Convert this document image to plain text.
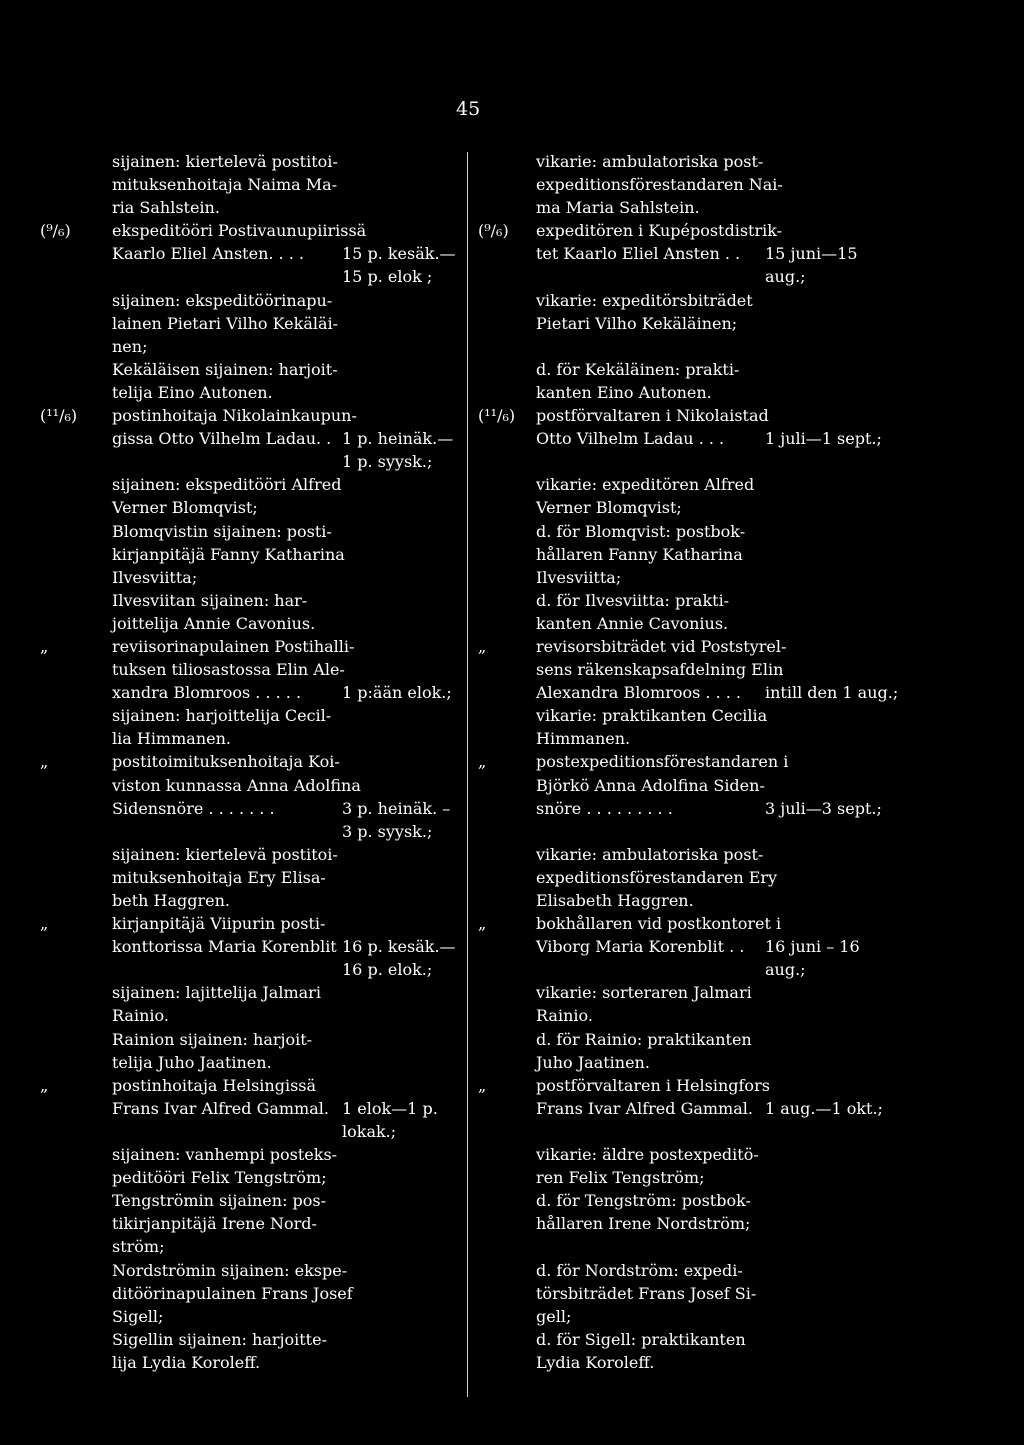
45
sijainen: kiertelevä postitoi-
mituksenhoitaja Naima Ma-
ria Sahlstein.
(⁹/₆)	ekspeditööri Postivaunupiirissä
Kaarlo Eliel Ansten. . . . 15 p. kesäk.—
15 p. elok ;
sijainen: ekspeditöörinapu-
lainen Pietari Vilho Kekäläi-
nen;
Kekäläisen sijainen: harjoit-
telija Eino Autonen.
(¹¹/₆)	postinhoitaja Nikolainkaupun-
gissa Otto Vilhelm Ladau. . 1 p. heinäk.—
1 p. syysk.;
sijainen: ekspeditööri Alfred
Verner Blomqvist;
Blomqvistin sijainen: posti-
kirjanpitäjä Fanny Katharina
Ilvesviitta;
Ilvesviitan sijainen: har-
joittelija Annie Cavonius.
„	reviisorinapulainen Postihalli-
tuksen tiliosastossa Elin Ale-
xandra Blomroos . . . . .	1 p:ään elok.;
sijainen: harjoittelija Cecil-
lia Himmanen.
„	postitoimituksenhoitaja Koi-
viston kunnassa Anna Adolfina
Sidensnöre . . . . . . .	3 p. heinäk. –
3 p. syysk.;
sijainen: kiertelevä postitoi-
mituksenhoitaja Ery Elisa-
beth Haggren.
„	kirjanpitäjä Viipurin posti-
konttorissa Maria Korenblit 16 p. kesäk.—
16 p. elok.;
sijainen: lajittelija Jalmari
Rainio.
Rainion sijainen: harjoit-
telija Juho Jaatinen.
„	postinhoitaja Helsingissä
Frans Ivar Alfred Gammal. 1 elok—1 p.
lokak.;
sijainen: vanhempi posteks-
peditööri Felix Tengström;
Tengströmin sijainen: pos-
tikirjanpitäjä Irene Nord-
ström;
Nordströmin sijainen: ekspe-
ditöörinapulainen Frans Josef
Sigell;
Sigellin sijainen: harjoitte-
lija Lydia Koroleff.
vikarie: ambulatoriska post-
expeditionsförestandaren Nai-
ma Maria Sahlstein.
(⁹/₆)	expeditören i Kupépostdistrik-
tet Kaarlo Eliel Ansten . . 15 juni—15
aug.;
vikarie: expeditörsbiträdet
Pietari Vilho Kekäläinen;
d. för Kekäläinen: prakti-
kanten Eino Autonen.
(¹¹/₆)	postförvaltaren i Nikolaistad
Otto Vilhelm Ladau . . .	1 juli—1 sept.;
vikarie: expeditören Alfred
Verner Blomqvist;
d. för Blomqvist: postbok-
hållaren Fanny Katharina
Ilvesviitta;
d. för Ilvesviitta: prakti-
kanten Annie Cavonius.
„	revisorsbiträdet vid Poststyrel-
sens räkenskapsafdelning Elin
Alexandra Blomroos . . . . intill den 1 aug.;
vikarie: praktikanten Cecilia
Himmanen.
„	postexpeditionsförestandaren i
Björkö Anna Adolfina Siden-
snöre . . . . . . . . .	3 juli—3 sept.;
vikarie: ambulatoriska post-
expeditionsförestandaren Ery
Elisabeth Haggren.
„	bokhållaren vid postkontoret i
Viborg Maria Korenblit . . 16 juni – 16
aug.;
vikarie: sorteraren Jalmari
Rainio.
d. för Rainio: praktikanten
Juho Jaatinen.
„	postförvaltaren i Helsingfors
Frans Ivar Alfred Gammal. 1 aug.—1 okt.;
vikarie: äldre postexpeditö-
ren Felix Tengström;
d. för Tengström: postbok-
hållaren Irene Nordström;
d. för Nordström: expedi-
törsbiträdet Frans Josef Si-
gell;
d. för Sigell: praktikanten
Lydia Koroleff.
